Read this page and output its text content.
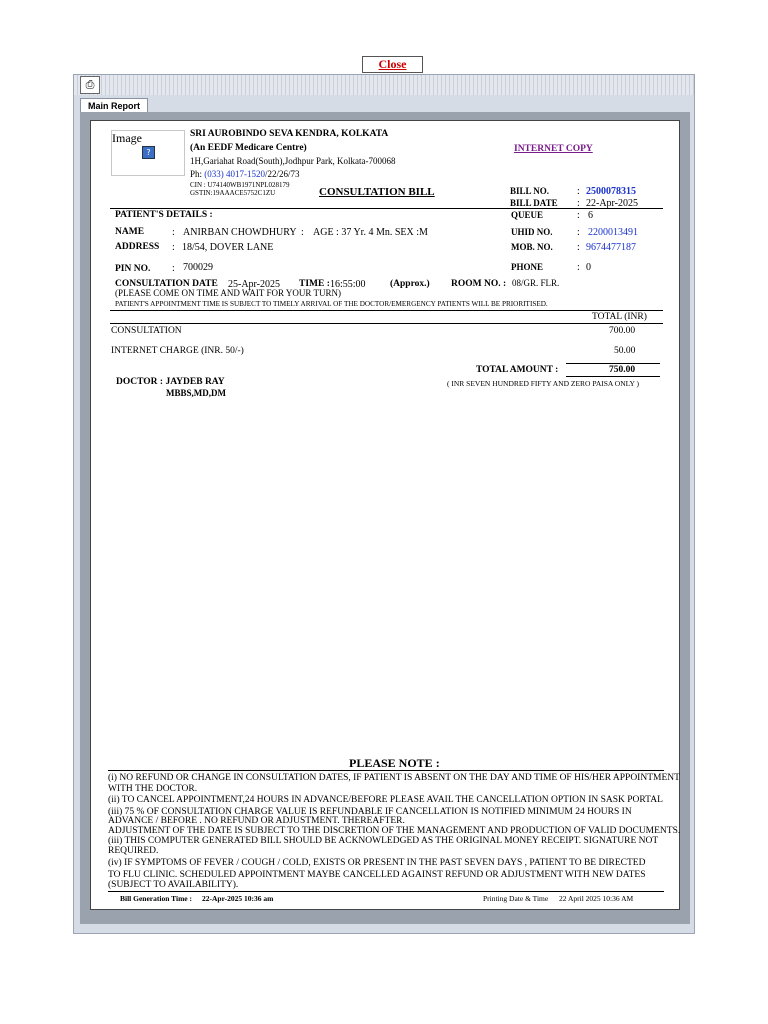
Close
⎙
Main Report
Image
?
SRI AUROBINDO SEVA KENDRA, KOLKATA
(An EEDF Medicare Centre)
1H,Gariahat Road(South),Jodhpur Park, Kolkata-700068
Ph: (033) 4017-1520/22/26/73
CIN : U74140WB1971NPL028179
GSTIN:19AAACE5752C1ZU
INTERNET COPY
CONSULTATION BILL	BILL NO.	: 2500078315
BILL DATE : 22-Apr-2025
PATIENT'S DETAILS :	QUEUE	: 6
NAME	: ANIRBAN CHOWDHURY : AGE : 37 Yr. 4 Mn. SEX :M	UHID NO. : 2200013491
ADDRESS : 18/54, DOVER LANE	MOB. NO. : 9674477187
PIN NO. : 700029	PHONE	: 0
CONSULTATION DATE 25-Apr-2025 TIME : 16:55:00	(Approx.) ROOM NO. : 08/GR. FLR.
(PLEASE COME ON TIME AND WAIT FOR YOUR TURN)
PATIENT'S APPOINTMENT TIME IS SUBJECT TO TIMELY ARRIVAL OF THE DOCTOR/EMERGENCY PATIENTS WILL BE PRIORITISED.
TOTAL (INR)
CONSULTATION	700.00
INTERNET CHARGE (INR. 50/-)	50.00
TOTAL AMOUNT :	750.00
( INR SEVEN HUNDRED FIFTY AND ZERO PAISA ONLY )
DOCTOR : JAYDEB RAY
MBBS,MD,DM
PLEASE NOTE :
(i) NO REFUND OR CHANGE IN CONSULTATION DATES, IF PATIENT IS ABSENT ON THE DAY AND TIME OF HIS/HER APPOINTMENT
WITH THE DOCTOR.
(ii) TO CANCEL APPOINTMENT,24 HOURS IN ADVANCE/BEFORE PLEASE AVAIL THE CANCELLATION OPTION IN SASK PORTAL
(iii) 75 % OF CONSULTATION CHARGE VALUE IS REFUNDABLE IF CANCELLATION IS NOTIFIED MINIMUM 24 HOURS IN
ADVANCE / BEFORE . NO REFUND OR ADJUSTMENT. THEREAFTER.
ADJUSTMENT OF THE DATE IS SUBJECT TO THE DISCRETION OF THE MANAGEMENT AND PRODUCTION OF VALID DOCUMENTS.
(iii) THIS COMPUTER GENERATED BILL SHOULD BE ACKNOWLEDGED AS THE ORIGINAL MONEY RECEIPT. SIGNATURE NOT
REQUIRED.
(iv) IF SYMPTOMS OF FEVER / COUGH / COLD, EXISTS OR PRESENT IN THE PAST SEVEN DAYS , PATIENT TO BE DIRECTED
TO FLU CLINIC. SCHEDULED APPOINTMENT MAYBE CANCELLED AGAINST REFUND OR ADJUSTMENT WITH NEW DATES
(SUBJECT TO AVAILABILITY).
Bill Generation Time : 22-Apr-2025 10:36 am	Printing Date & Time 22 April 2025 10:36 AM
